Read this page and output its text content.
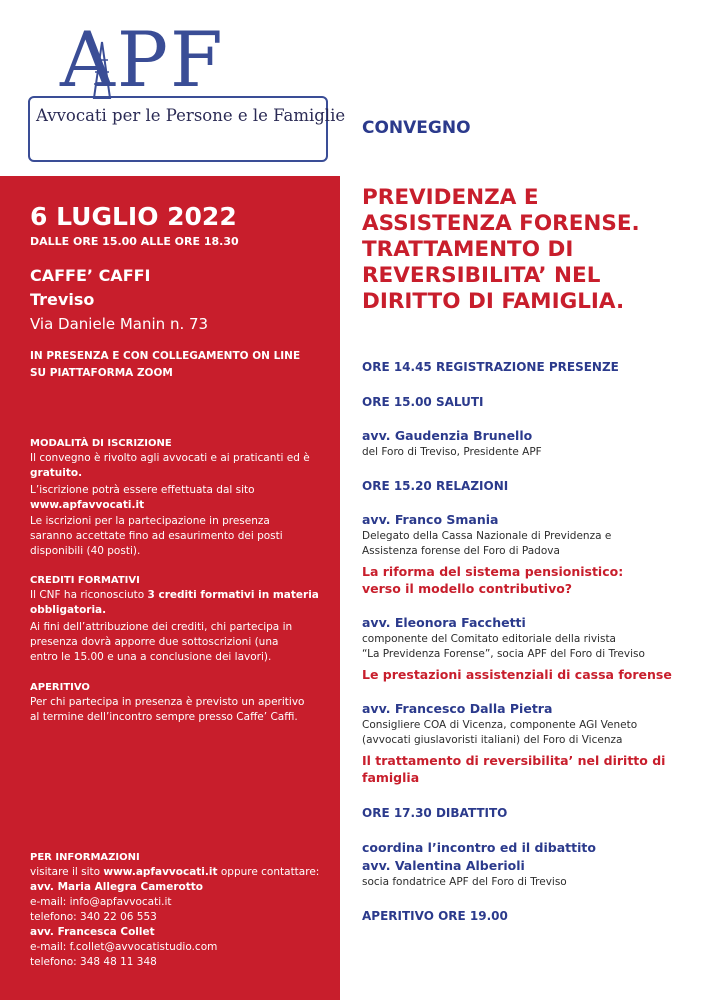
APF
Avvocati per le Persone e le Famiglie
6 LUGLIO 2022
DALLE ORE 15.00 ALLE ORE 18.30
CAFFE’ CAFFI
Treviso
Via Daniele Manin n. 73
IN PRESENZA E CON COLLEGAMENTO ON LINE
SU PIATTAFORMA ZOOM
MODALITÀ DI ISCRIZIONE
Il convegno è rivolto agli avvocati e ai praticanti ed è
gratuito.
L’iscrizione potrà essere effettuata dal sito
www.apfavvocati.it
Le iscrizioni per la partecipazione in presenza
saranno accettate fino ad esaurimento dei posti
disponibili (40 posti).
CREDITI FORMATIVI
Il CNF ha riconosciuto 3 crediti formativi in materia
obbligatoria.
Ai fini dell’attribuzione dei crediti, chi partecipa in
presenza dovrà apporre due sottoscrizioni (una
entro le 15.00 e una a conclusione dei lavori).
APERITIVO
Per chi partecipa in presenza è previsto un aperitivo
al termine dell’incontro sempre presso Caffe’ Caffi.
PER INFORMAZIONI
visitare il sito www.apfavvocati.it oppure contattare:
avv. Maria Allegra Camerotto
e-mail: info@apfavvocati.it
telefono: 340 22 06 553
avv. Francesca Collet
e-mail: f.collet@avvocatistudio.com
telefono: 348 48 11 348
CONVEGNO
PREVIDENZA E
ASSISTENZA FORENSE.
TRATTAMENTO DI
REVERSIBILITA’ NEL
DIRITTO DI FAMIGLIA.
ORE 14.45 REGISTRAZIONE PRESENZE
ORE 15.00 SALUTI
avv. Gaudenzia Brunello
del Foro di Treviso, Presidente APF
ORE 15.20 RELAZIONI
avv. Franco Smania
Delegato della Cassa Nazionale di Previdenza e
Assistenza forense del Foro di Padova
La riforma del sistema pensionistico:
verso il modello contributivo?
avv. Eleonora Facchetti
componente del Comitato editoriale della rivista
“La Previdenza Forense”, socia APF del Foro di Treviso
Le prestazioni assistenziali di cassa forense
avv. Francesco Dalla Pietra
Consigliere COA di Vicenza, componente AGI Veneto
(avvocati giuslavoristi italiani) del Foro di Vicenza
Il trattamento di reversibilita’ nel diritto di
famiglia
ORE 17.30 DIBATTITO
coordina l’incontro ed il dibattito
avv. Valentina Alberioli
socia fondatrice APF del Foro di Treviso
APERITIVO ORE 19.00
